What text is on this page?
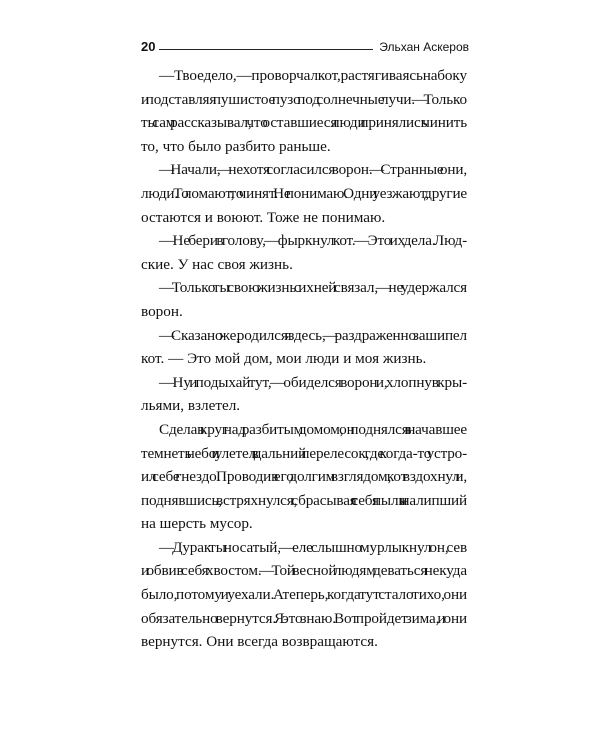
20	Эльхан Аскеров
— Твое дело, — проворчал кот, растягиваясь на боку
и подставляя пушистое пузо под солнечные лучи. — Только
ты сам рассказывал, что оставшиеся люди принялись чинить
то, что было разбито раньше.
— Начали, — нехотя согласился ворон. — Странные они,
люди. То ломают, то чинят. Не понимаю. Одни уезжают, другие
остаются и воюют. Тоже не понимаю.
— Не бери в голову, — фыркнул кот. — Это их дела. Люд-
ские. У нас своя жизнь.
— Только ты свою жизнь с ихней связал, — не удержался
ворон.
— Сказано же, родился я здесь, — раздраженно зашипел
кот. — Это мой дом, мои люди и моя жизнь.
— Ну и подыхай тут, — обиделся ворон и, хлопнув кры-
льями, взлетел.
Сделав круг над разбитым домом, он поднялся в начавшее
темнеть небо и улетел в дальний перелесок, где когда-то устро-
ил себе гнездо. Проводив его долгим взглядом, кот вздохнул и,
поднявшись, встряхнулся, сбрасывая с себя пыль и налипший
на шерсть мусор.
— Дурак ты носатый, — еле слышно мурлыкнул он, сев
и обвив себя хвостом. — Той весной людям деваться некуда
было, потому и уехали. А теперь, когда тут стало тихо, они
обязательно вернутся. Я это знаю. Вот пройдет зима, и они
вернутся. Они всегда возвращаются.
